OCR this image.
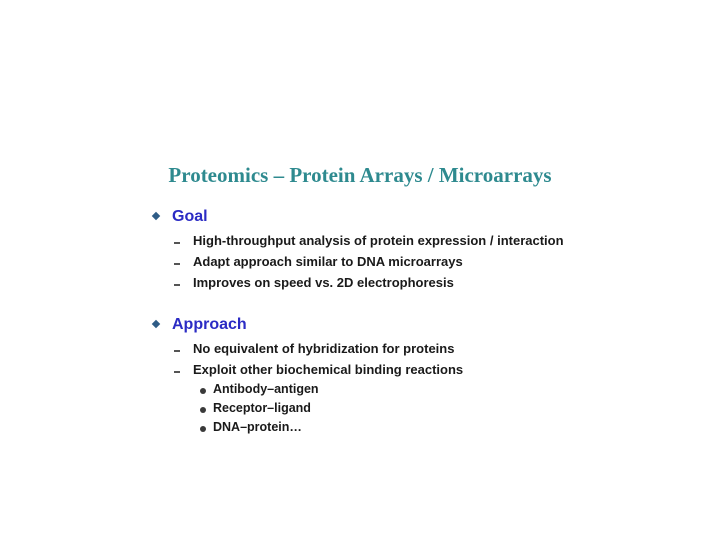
Proteomics – Protein Arrays / Microarrays
Goal
High-throughput analysis of protein expression / interaction
Adapt approach similar to DNA microarrays
Improves on speed vs. 2D electrophoresis
Approach
No equivalent of hybridization for proteins
Exploit other biochemical binding reactions
Antibody–antigen
Receptor–ligand
DNA–protein…
